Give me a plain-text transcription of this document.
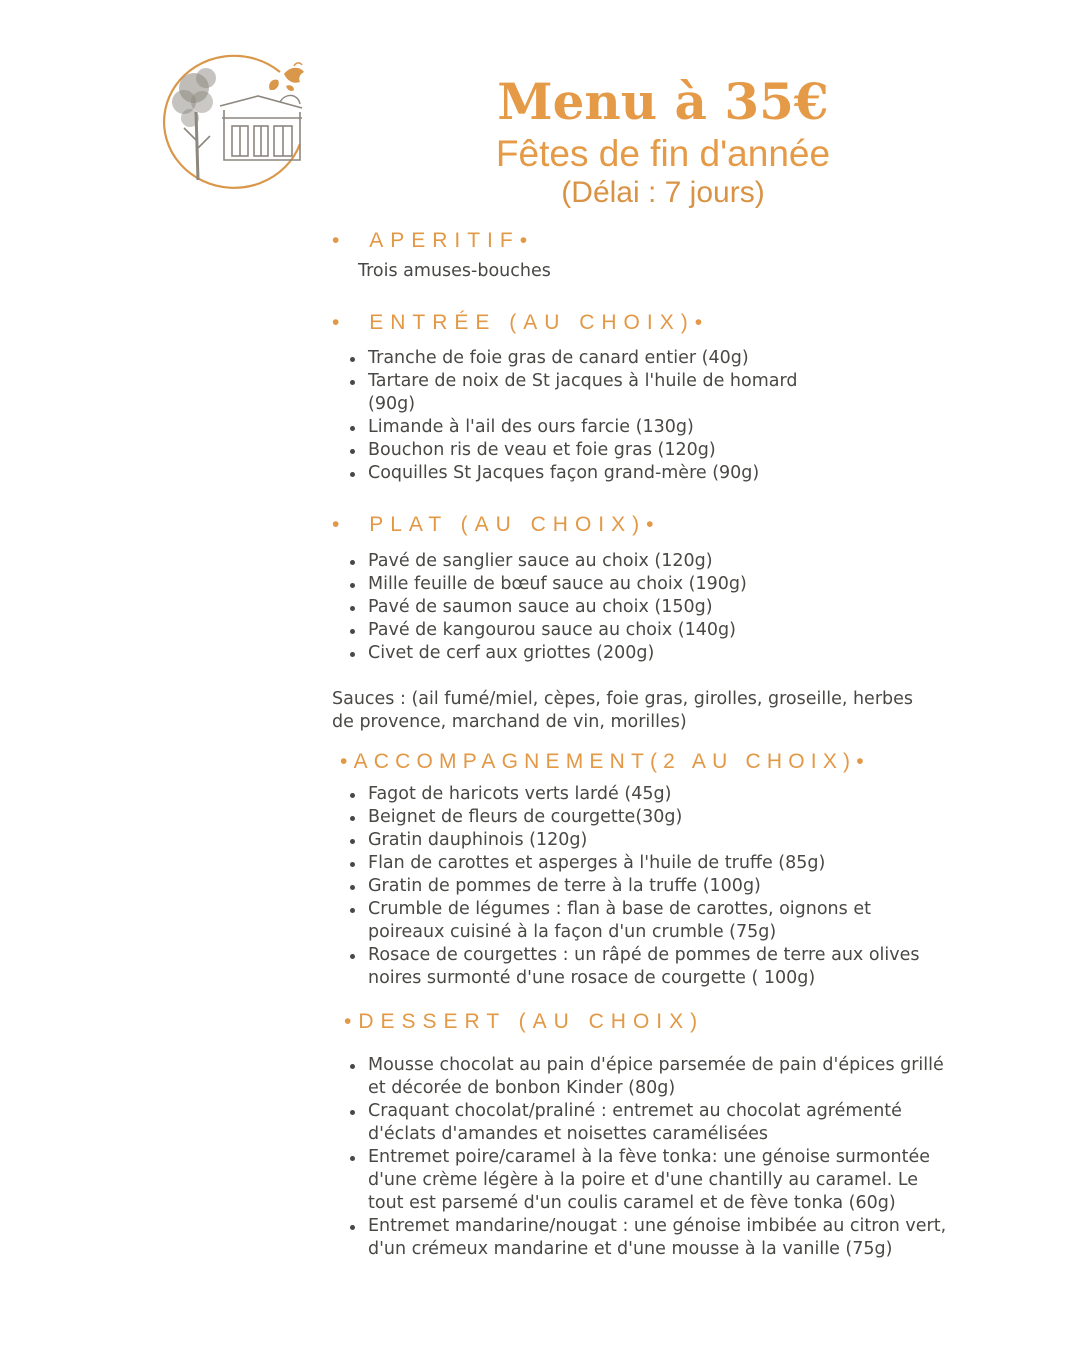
Menu à 35€
Fêtes de fin d'année
(Délai : 7 jours)
• APERITIF•
Trois amuses-bouches
• ENTRÉE (AU CHOIX)•
Tranche de foie gras de canard entier (40g)
Tartare de noix de St jacques à l'huile de homard (90g)
Limande à l'ail des ours farcie (130g)
Bouchon ris de veau et foie gras (120g)
Coquilles St Jacques façon grand-mère (90g)
• PLAT (AU CHOIX)•
Pavé de sanglier sauce au choix (120g)
Mille feuille de bœuf sauce au choix (190g)
Pavé de saumon sauce au choix (150g)
Pavé de kangourou sauce au choix (140g)
Civet de cerf aux griottes (200g)
Sauces : (ail fumé/miel, cèpes, foie gras, girolles, groseille, herbes
de provence, marchand de vin, morilles)
•ACCOMPAGNEMENT(2 AU CHOIX)•
Fagot de haricots verts lardé (45g)
Beignet de fleurs de courgette(30g)
Gratin dauphinois (120g)
Flan de carottes et asperges à l'huile de truffe (85g)
Gratin de pommes de terre à la truffe (100g)
Crumble de légumes : flan à base de carottes, oignons et poireaux cuisiné à la façon d'un crumble (75g)
Rosace de courgettes : un râpé de pommes de terre aux olives noires surmonté d'une rosace de courgette ( 100g)
•DESSERT (AU CHOIX)
Mousse chocolat au pain d'épice parsemée de pain d'épices grillé et décorée de bonbon Kinder (80g)
Craquant chocolat/praliné : entremet au chocolat agrémenté d'éclats d'amandes et noisettes caramélisées
Entremet poire/caramel à la fève tonka: une génoise surmontée d'une crème légère à la poire et d'une chantilly au caramel. Le tout est parsemé d'un coulis caramel et de fève tonka (60g)
Entremet mandarine/nougat : une génoise imbibée au citron vert, d'un crémeux mandarine et d'une mousse à la vanille (75g)
